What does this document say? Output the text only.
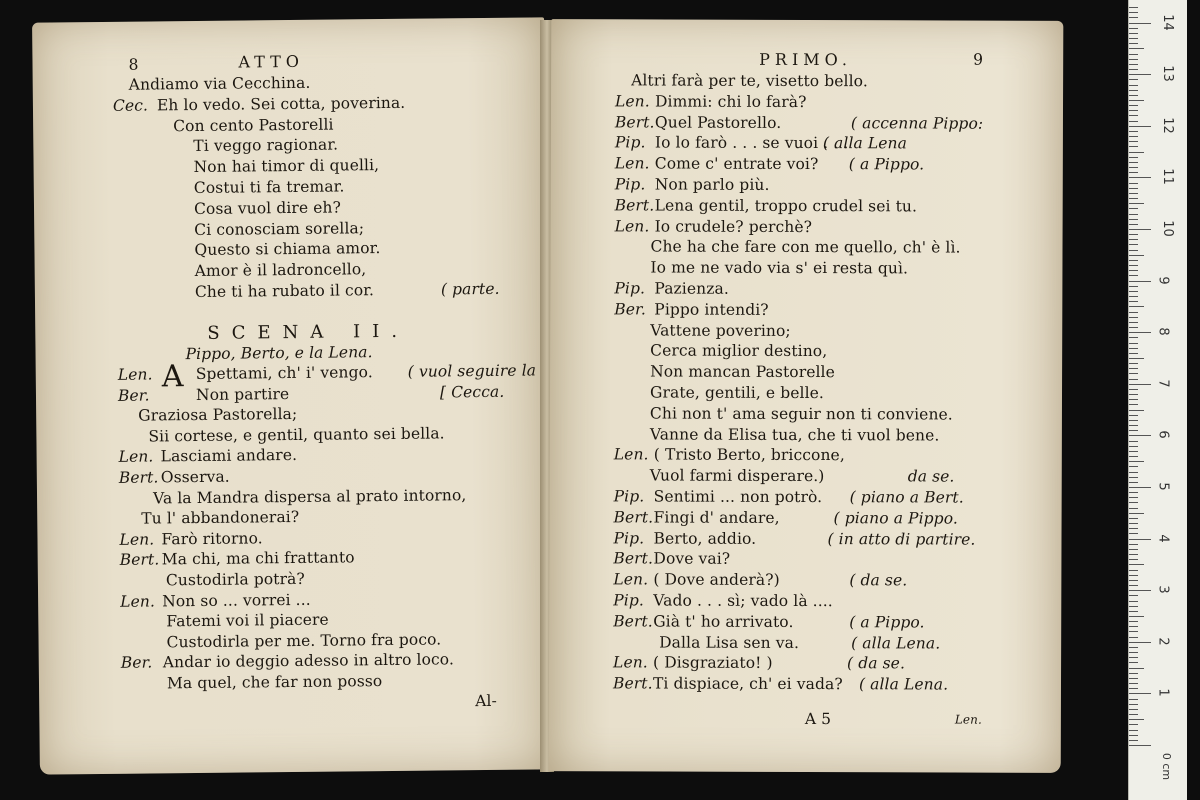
8	ATTO
Andiamo via Cecchina.
Cec. Eh lo vedo. Sei cotta, poverina.
Con cento Pastorelli
Ti veggo ragionar.
Non hai timor di quelli,
Costui ti fa tremar.
Cosa vuol dire eh?
Ci conosciam sorella;
Questo si chiama amor.
Amor è il ladroncello,
Che ti ha rubato il cor.	( parte.
SCENA II.
Pippo, Berto, e la Lena.
A
Len.	Spettami, ch' i' vengo. ( vuol seguire la
Ber.	Non partire	[ Cecca.
Graziosa Pastorella;
Sii cortese, e gentil, quanto sei bella.
Len. Lasciami andare.
Bert. Osserva.
Va la Mandra dispersa al prato intorno,
Tu l' abbandonerai?
Len. Farò ritorno.
Bert. Ma chi, ma chi frattanto
Custodirla potrà?
Len. Non so ... vorrei ...
Fatemi voi il piacere
Custodirla per me. Torno fra poco.
Ber. Andar io deggio adesso in altro loco.
Ma quel, che far non posso
Al-
PRIMO.	9
Altri farà per te, visetto bello.
Len. Dimmi: chi lo farà?
Bert. Quel Pastorello.	( accenna Pippo:
Pip. Io lo farò . . . se vuoi . . .
( alla Lena
Len. Come c' entrate voi? ( a Pippo.
Pip. Non parlo più.
Bert. Lena gentil, troppo crudel sei tu.
Len. Io crudele? perchè?
Che ha che fare con me quello, ch' è lì.
Io me ne vado via s' ei resta quì.
Pip. Pazienza.
Ber. Pippo intendi?
Vattene poverino;
Cerca miglior destino,
Non mancan Pastorelle
Grate, gentili, e belle.
Chi non t' ama seguir non ti conviene.
Vanne da Elisa tua, che ti vuol bene.
Len. ( Tristo Berto, briccone,
Vuol farmi disperare.)	da se.
Pip. Sentimi ... non potrò. ( piano a Bert.
Bert. Fingi d' andare,	( piano a Pippo.
Pip. Berto, addio.	( in atto di partire.
Bert. Dove vai?
Len. ( Dove anderà?)	( da se.
Pip. Vado . . . sì; vado là ....
Bert. Già t' ho arrivato.	( a Pippo.
Dalla Lisa sen va.	( alla Lena.
Len. ( Disgraziato! )	( da se.
Bert. Ti dispiace, ch' ei vada? ( alla Lena.
A 5	Len.
1
2
3
4
5
6
7
8
9
10
11
12
13
14
0 cm
